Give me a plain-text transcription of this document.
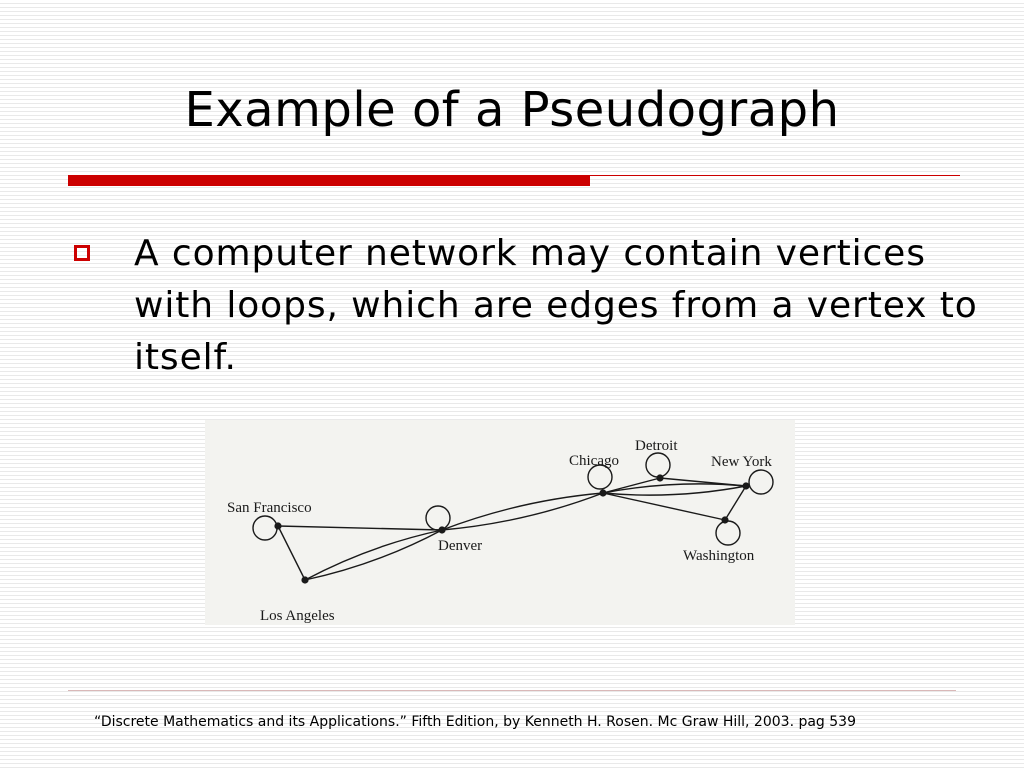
Example of a Pseudograph
A computer network may contain vertices with loops, which are edges from a vertex to itself.
San Francisco
Los Angeles
Denver
Chicago
Detroit
New York
Washington
“Discrete Mathematics and its Applications.” Fifth Edition, by Kenneth H. Rosen. Mc Graw Hill, 2003. pag 539
